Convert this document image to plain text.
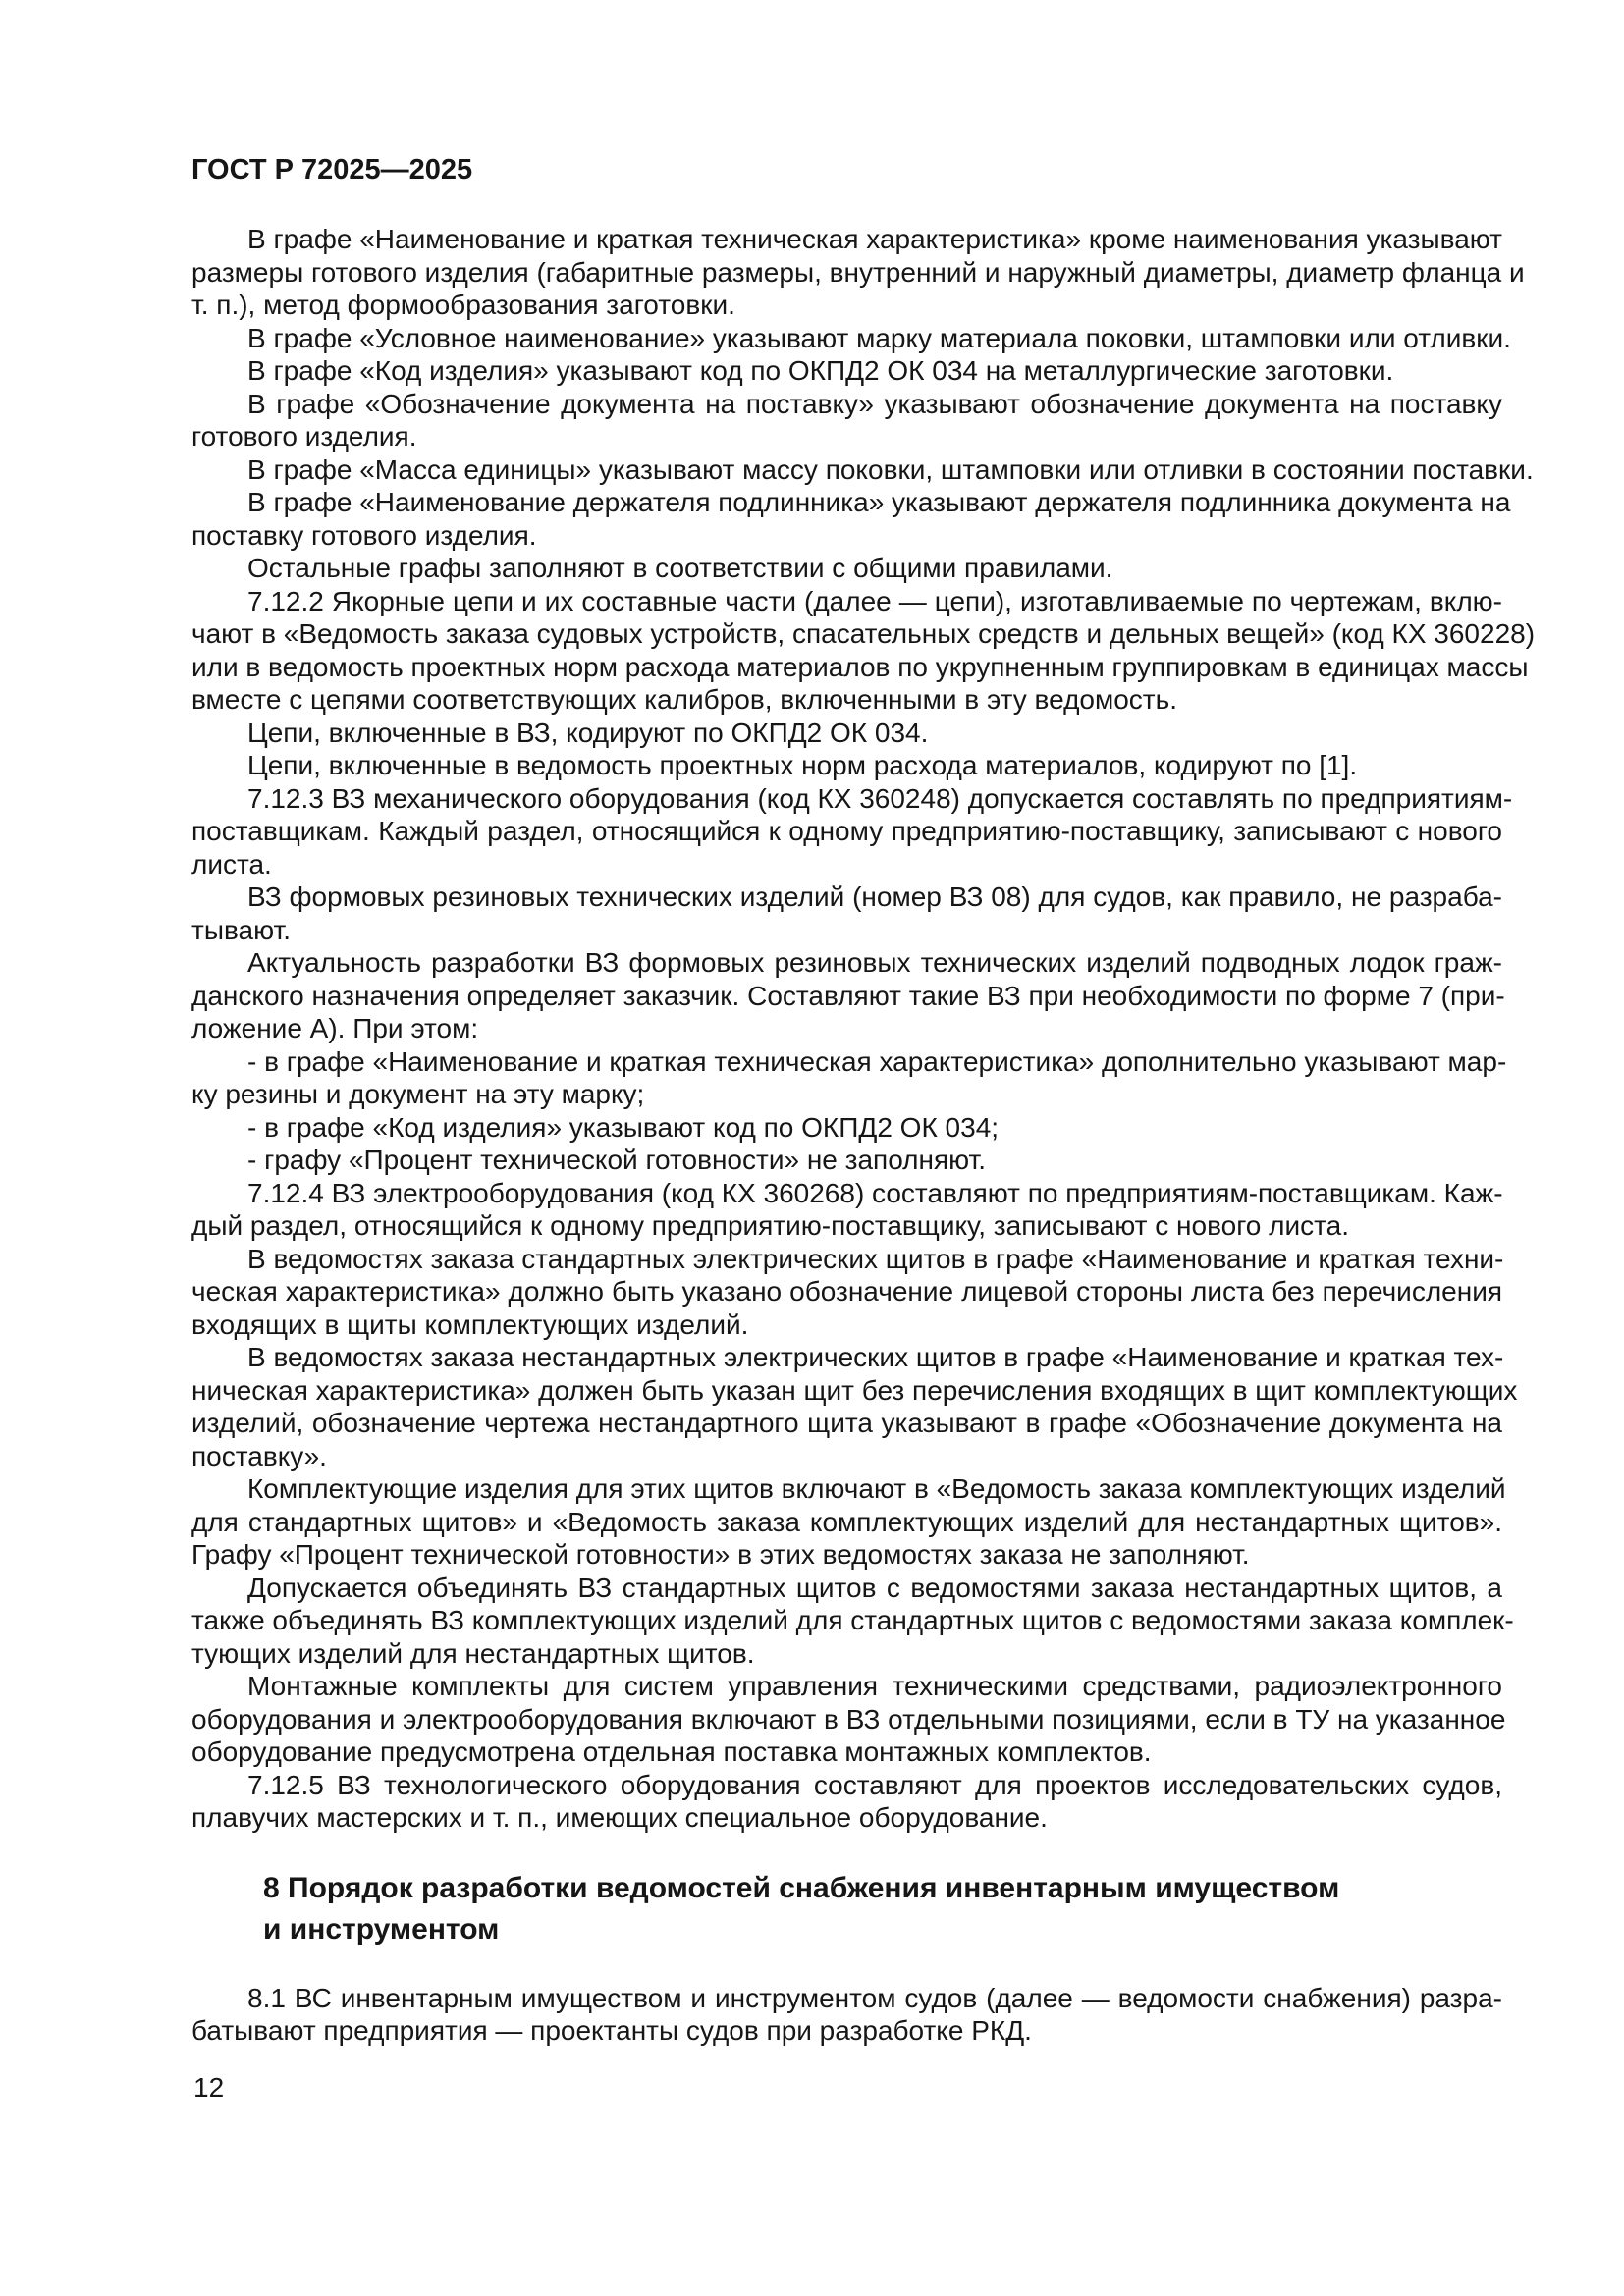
ГОСТ Р 72025—2025
В графе «Наименование и краткая техническая характеристика» кроме наименования указывают
размеры готового изделия (габаритные размеры, внутренний и наружный диаметры, диаметр фланца и
т. п.), метод формообразования заготовки.
В графе «Условное наименование» указывают марку материала поковки, штамповки или отливки.
В графе «Код изделия» указывают код по ОКПД2 ОК 034 на металлургические заготовки.
В графе «Обозначение документа на поставку» указывают обозначение документа на поставку
готового изделия.
В графе «Масса единицы» указывают массу поковки, штамповки или отливки в состоянии поставки.
В графе «Наименование держателя подлинника» указывают держателя подлинника документа на
поставку готового изделия.
Остальные графы заполняют в соответствии с общими правилами.
7.12.2 Якорные цепи и их составные части (далее — цепи), изготавливаемые по чертежам, вклю-
чают в «Ведомость заказа судовых устройств, спасательных средств и дельных вещей» (код КХ 360228)
или в ведомость проектных норм расхода материалов по укрупненным группировкам в единицах массы
вместе с цепями соответствующих калибров, включенными в эту ведомость.
Цепи, включенные в ВЗ, кодируют по ОКПД2 ОК 034.
Цепи, включенные в ведомость проектных норм расхода материалов, кодируют по [1].
7.12.3 ВЗ механического оборудования (код КХ 360248) допускается составлять по предприятиям-
поставщикам. Каждый раздел, относящийся к одному предприятию-поставщику, записывают с нового
листа.
ВЗ формовых резиновых технических изделий (номер ВЗ 08) для судов, как правило, не разраба-
тывают.
Актуальность разработки ВЗ формовых резиновых технических изделий подводных лодок граж-
данского назначения определяет заказчик. Составляют такие ВЗ при необходимости по форме 7 (при-
ложение А). При этом:
- в графе «Наименование и краткая техническая характеристика» дополнительно указывают мар-
ку резины и документ на эту марку;
- в графе «Код изделия» указывают код по ОКПД2 ОК 034;
- графу «Процент технической готовности» не заполняют.
7.12.4 ВЗ электрооборудования (код КХ 360268) составляют по предприятиям-поставщикам. Каж-
дый раздел, относящийся к одному предприятию-поставщику, записывают с нового листа.
В ведомостях заказа стандартных электрических щитов в графе «Наименование и краткая техни-
ческая характеристика» должно быть указано обозначение лицевой стороны листа без перечисления
входящих в щиты комплектующих изделий.
В ведомостях заказа нестандартных электрических щитов в графе «Наименование и краткая тех-
ническая характеристика» должен быть указан щит без перечисления входящих в щит комплектующих
изделий, обозначение чертежа нестандартного щита указывают в графе «Обозначение документа на
поставку».
Комплектующие изделия для этих щитов включают в «Ведомость заказа комплектующих изделий
для стандартных щитов» и «Ведомость заказа комплектующих изделий для нестандартных щитов».
Графу «Процент технической готовности» в этих ведомостях заказа не заполняют.
Допускается объединять ВЗ стандартных щитов с ведомостями заказа нестандартных щитов, а
также объединять ВЗ комплектующих изделий для стандартных щитов с ведомостями заказа комплек-
тующих изделий для нестандартных щитов.
Монтажные комплекты для систем управления техническими средствами, радиоэлектронного
оборудования и электрооборудования включают в ВЗ отдельными позициями, если в ТУ на указанное
оборудование предусмотрена отдельная поставка монтажных комплектов.
7.12.5 ВЗ технологического оборудования составляют для проектов исследовательских судов,
плавучих мастерских и т. п., имеющих специальное оборудование.
8 Порядок разработки ведомостей снабжения инвентарным имуществом
и инструментом
8.1 ВС инвентарным имуществом и инструментом судов (далее — ведомости снабжения) разра-
батывают предприятия — проектанты судов при разработке РКД.
12
